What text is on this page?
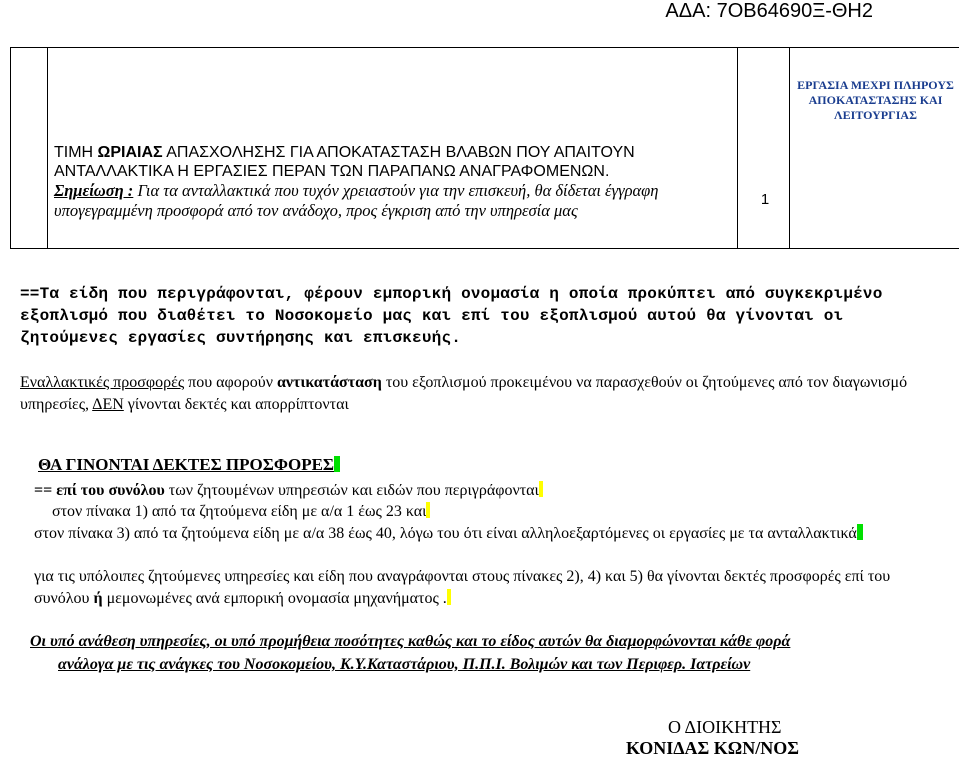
ΑΔΑ: 7ΟΒ64690Ξ-ΘΗ2
ΤΙΜΗ ΩΡΙΑΙΑΣ ΑΠΑΣΧΟΛΗΣΗΣ ΓΙΑ ΑΠΟΚΑΤΑΣΤΑΣΗ ΒΛΑΒΩΝ ΠΟΥ ΑΠΑΙΤΟΥΝ ΑΝΤΑΛΛΑΚΤΙΚΑ Η ΕΡΓΑΣΙΕΣ ΠΕΡΑΝ ΤΩΝ ΠΑΡΑΠΑΝΩ ΑΝΑΓΡΑΦΟΜΕΝΩΝ.
Σημείωση : Για τα ανταλλακτικά που τυχόν χρειαστούν για την επισκευή, θα δίδεται έγγραφη υπογεγραμμένη προσφορά από τον ανάδοχο, προς έγκριση από την υπηρεσία μας
1
ΕΡΓΑΣΙΑ ΜΕΧΡΙ ΠΛΗΡΟΥΣ ΑΠΟΚΑΤΑΣΤΑΣΗΣ ΚΑΙ ΛΕΙΤΟΥΡΓΙΑΣ
==Τα είδη που περιγράφονται, φέρουν εμπορική ονομασία η οποία προκύπτει από συγκεκριμένο εξοπλισμό που διαθέτει το Νοσοκομείο μας και επί του εξοπλισμού αυτού θα γίνονται οι ζητούμενες εργασίες συντήρησης και επισκευής.
Εναλλακτικές προσφορές που αφορούν αντικατάσταση του εξοπλισμού προκειμένου να παρασχεθούν οι ζητούμενες από τον διαγωνισμό υπηρεσίες, ΔΕΝ γίνονται δεκτές και απορρίπτονται
ΘΑ ΓΙΝΟΝΤΑΙ ΔΕΚΤΕΣ ΠΡΟΣΦΟΡΕΣ
== επί του συνόλου των ζητουμένων υπηρεσιών και ειδών που περιγράφονται
στον πίνακα 1) από τα ζητούμενα είδη με α/α 1 έως 23 και
στον πίνακα 3) από τα ζητούμενα είδη με α/α 38 έως 40, λόγω του ότι είναι αλληλοεξαρτόμενες οι εργασίες με τα ανταλλακτικά
για τις υπόλοιπες ζητούμενες υπηρεσίες και είδη που αναγράφονται στους πίνακες 2), 4) και 5) θα γίνονται δεκτές προσφορές επί του συνόλου ή μεμονωμένες ανά εμπορική ονομασία μηχανήματος .
Οι υπό ανάθεση υπηρεσίες, οι υπό προμήθεια ποσότητες καθώς και το είδος αυτών θα διαμορφώνονται κάθε φορά
ανάλογα με τις ανάγκες του Νοσοκομείου, Κ.Υ.Καταστάριου, Π.Π.Ι. Βολιμών και των Περιφερ. Ιατρείων
Ο ΔΙΟΙΚΗΤΗΣ
ΚΟΝΙΔΑΣ ΚΩΝ/ΝΟΣ
